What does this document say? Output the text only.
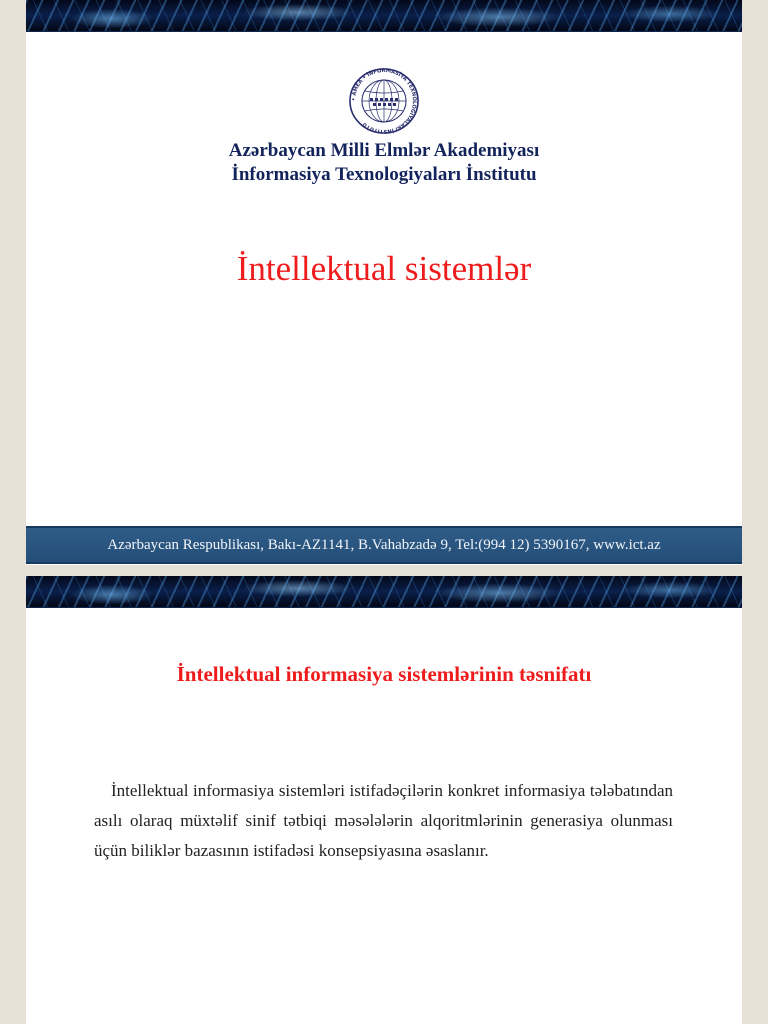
• AMEA • İNFORMASİYA TEXNOLOGİYALARI İNSTİTUTU
Azərbaycan Milli Elmlər Akademiyası
İnformasiya Texnologiyaları İnstitutu
İntellektual sistemlər
Azərbaycan Respublikası, Bakı-AZ1141, B.Vahabzadə 9, Tel:(994 12) 5390167, www.ict.az
İntellektual informasiya sistemlərinin təsnifatı

İntellektual informasiya sistemləri istifadəçilərin konkret informasiya tələbatından asılı olaraq müxtəlif sinif tətbiqi məsələlərin alqoritmlərinin generasiya olunması üçün biliklər bazasının istifadəsi konsepsiyasına əsaslanır.
